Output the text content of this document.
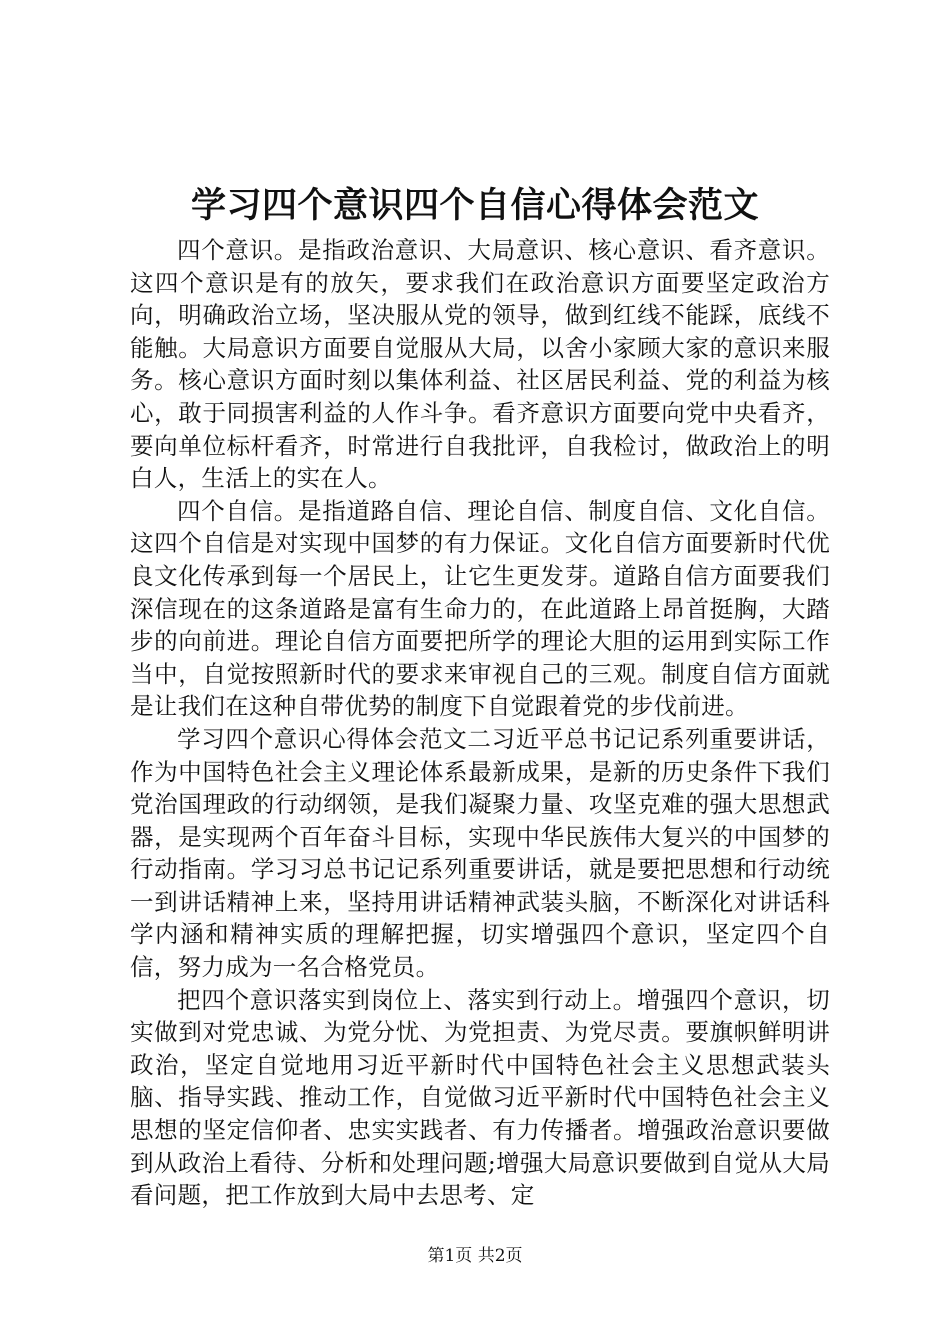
学习四个意识四个自信心得体会范文

四个意识。是指政治意识、大局意识、核心意识、看齐意识。这四个意识是有的放矢，要求我们在政治意识方面要坚定政治方向，明确政治立场，坚决服从党的领导，做到红线不能踩，底线不能触。大局意识方面要自觉服从大局，以舍小家顾大家的意识来服务。核心意识方面时刻以集体利益、社区居民利益、党的利益为核心，敢于同损害利益的人作斗争。看齐意识方面要向党中央看齐，要向单位标杆看齐，时常进行自我批评，自我检讨，做政治上的明白人，生活上的实在人。

四个自信。是指道路自信、理论自信、制度自信、文化自信。这四个自信是对实现中国梦的有力保证。文化自信方面要新时代优良文化传承到每一个居民上，让它生更发芽。道路自信方面要我们深信现在的这条道路是富有生命力的，在此道路上昂首挺胸，大踏步的向前进。理论自信方面要把所学的理论大胆的运用到实际工作当中，自觉按照新时代的要求来审视自己的三观。制度自信方面就是让我们在这种自带优势的制度下自觉跟着党的步伐前进。

学习四个意识心得体会范文二习近平总书记记系列重要讲话，作为中国特色社会主义理论体系最新成果，是新的历史条件下我们党治国理政的行动纲领，是我们凝聚力量、攻坚克难的强大思想武器，是实现两个百年奋斗目标，实现中华民族伟大复兴的中国梦的行动指南。学习习总书记记系列重要讲话，就是要把思想和行动统一到讲话精神上来，坚持用讲话精神武装头脑，不断深化对讲话科学内涵和精神实质的理解把握，切实增强四个意识，坚定四个自信，努力成为一名合格党员。

把四个意识落实到岗位上、落实到行动上。增强四个意识，切实做到对党忠诚、为党分忧、为党担责、为党尽责。要旗帜鲜明讲政治，坚定自觉地用习近平新时代中国特色社会主义思想武装头脑、指导实践、推动工作，自觉做习近平新时代中国特色社会主义思想的坚定信仰者、忠实实践者、有力传播者。增强政治意识要做到从政治上看待、分析和处理问题;增强大局意识要做到自觉从大局看问题，把工作放到大局中去思考、定

第1页 共2页
